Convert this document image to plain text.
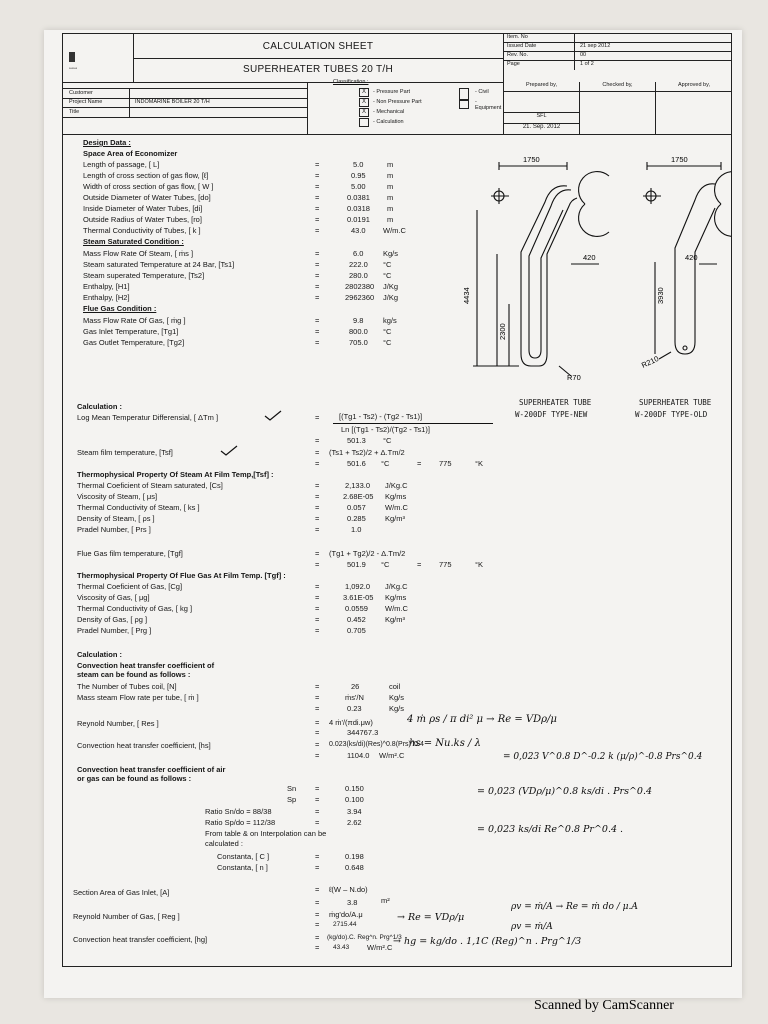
ꟷꟷ
CALCULATION SHEET
SUPERHEATER TUBES 20 T/H
Item. No
Issued Date	21 sep 2012
Rev. No.	00
Page	1 of 2
Customer
Project Name	INDOMARINE BOILER 20 T/H
Title
Classification :
X	- Pressure Part
X	- Non Pressure Part
X	- Mechanical
- Calculation
- Civil
- Equipment
Prepared by,
SFL
21. Sep. 2012
Checked by,	Approved by,
Design Data :
Space Area of Economizer
Length of passage, [ L]	=	5.0	m
Length of cross section of gas flow, [ℓ]	=	0.95	m
Width of cross section of gas flow, [ W ]	=	5.00	m
Outside Diameter of Water Tubes, [do]	=	0.0381 m
Inside Diameter of Water Tubes, [di]	=	0.0318 m
Outside Radius of Water Tubes, [ro]	=	0.0191 m
Thermal Conductivity of Tubes, [ k ]	=	43.0 W/m.C
Steam Saturated Condition :
Mass Flow Rate Of Steam, [ ṁs ]	=	6.0	Kg/s
Steam saturated Temperature at 24 Bar, [Ts1]	=	222.0 °C
Steam superated Temperature, [Ts2]	=	280.0 °C
Enthalpy, [H1]	=	2802380 J/Kg
Enthalpy, [H2]	=	2962360 J/Kg
Flue Gas Condition :
Mass Flow Rate Of Gas, [ ṁg ]	=	9.8	kg/s
Gas Inlet Temperature, [Tg1]	=	800.0 °C
Gas Outlet Temperature, [Tg2]	=	705.0 °C
1750
420
4434
2300
R70
1750
420
3930
R210
SUPERHEATER TUBE
W-200DF TYPE-NEW
SUPERHEATER TUBE
W-200DF TYPE-OLD
Calculation :
Log Mean Temperatur Differensial, [ ΔTm ]	=	[(Tg1 - Ts2) - (Tg2 - Ts1)]
Ln [(Tg1 - Ts2)/(Tg2 - Ts1)]
=	501.3 °C
Steam film temperature, [Tsf]	= (Ts1 + Ts2)/2 + Δ.Tm/2
=	501.6 °C	= 775	°K
Thermophysical Property Of Steam At Film Temp,[Tsf] :
Thermal Coeficient of Steam saturated, [Cs]	=	2,133.0 J/Kg.C
Viscosity of Steam, [ μs]	=	2.68E-05 Kg/ms
Thermal Conductivity of Steam, [ ks ]	=	0.057	W/m.C
Density of Steam, [ ρs ]	=	0.285	Kg/m³
Pradel Number, [ Prs ]	=	1.0
Flue Gas film temperature, [Tgf]	= (Tg1 + Tg2)/2 - Δ.Tm/2
=	501.9 °C	= 775	°K
Thermophysical Property Of Flue Gas At Film Temp. [Tgf] :
Thermal Coeficient of Gas, [Cg]	=	1,092.0 J/Kg.C
Viscosity of Gas, [ μg]	=	3.61E-05 Kg/ms
Thermal Conductivity of Gas, [ kg ]	=	0.0559 W/m.C
Density of Gas, [ ρg ]	=	0.452	Kg/m³
Pradel Number, [ Prg ]	=	0.705
Calculation :
Convection heat transfer coefficient of
steam can be found as follows :
The Number of Tubes coil, [N]	=	26	coil
Mass steam Flow rate per tube, [ ṁ ]	=	ṁs'/N	Kg/s
=	0.23	Kg/s
Reynold Number, [ Res ]	= 4 ṁ'/(πdi.μw)
=	344767.3
Convection heat transfer coefficient, [hs]	= 0.023(ks/di)(Res)^0.8(Prs)^0.4
=	1104.0 W/m².C
Convection heat transfer coefficient of air
or gas can be found as follows :
Sn	=	0.150
Sp	=	0.100
Ratio Sn/do = 88/38	=	3.94
Ratio Sp/do = 112/38	=	2.62
From table & on Interpolation can be
calculated :
Constanta, [ C ]	=	0.198
Constanta, [ n ]	=	0.648
Section Area of Gas Inlet, [A]	= ℓ(W – N.do)
=	3.8	m²
Reynold Number of Gas, [ Reg ]	= ṁg'do/A.μ
= 2715.44
Convection heat transfer coefficient, [hg]	= (kg/do).C. Reg^n. Prg^1/3
= 43.43 W/m².C
4 ṁ ρs / π di² μ → Re = VDρ/μ
hs = Nu.ks / λ
= 0,023 V^0.8 D^-0.2 k (μ/ρ)^-0.8 Prs^0.4
= 0,023 (VDρ/μ)^0.8 ks/di . Prs^0.4
= 0,023 ks/di Re^0.8 Pr^0.4 .
→ Re = VDρ/μ
ρv = ṁ/A → Re = ṁ do / μ.A
ρv = ṁ/A
→ hg = kg/do . 1,1C (Reg)^n . Prg^1/3
Scanned by CamScanner
